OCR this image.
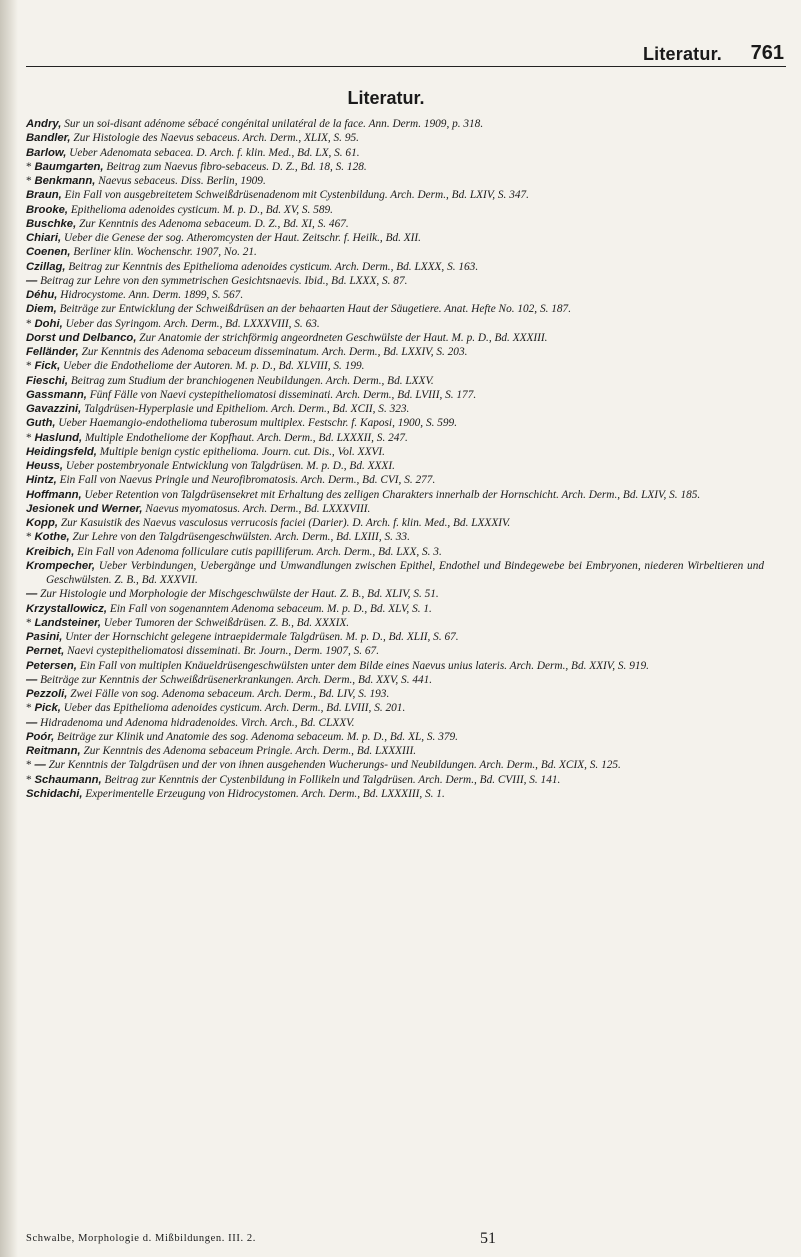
Literatur. 761
Literatur.
Andry, Sur un soi-disant adénome sébacé congénital unilatéral de la face. Ann. Derm. 1909, p. 318.
Bandler, Zur Histologie des Naevus sebaceus. Arch. Derm., XLIX, S. 95.
Barlow, Ueber Adenomata sebacea. D. Arch. f. klin. Med., Bd. LX, S. 61.
* Baumgarten, Beitrag zum Naevus fibro-sebaceus. D. Z., Bd. 18, S. 128.
* Benkmann, Naevus sebaceus. Diss. Berlin, 1909.
Braun, Ein Fall von ausgebreitetem Schweißdrüsenadenom mit Cystenbildung. Arch. Derm., Bd. LXIV, S. 347.
Brooke, Epithelioma adenoides cysticum. M. p. D., Bd. XV, S. 589.
Buschke, Zur Kenntnis des Adenoma sebaceum. D. Z., Bd. XI, S. 467.
Chiari, Ueber die Genese der sog. Atheromcysten der Haut. Zeitschr. f. Heilk., Bd. XII.
Coenen, Berliner klin. Wochenschr. 1907, No. 21.
Czillag, Beitrag zur Kenntnis des Epithelioma adenoides cysticum. Arch. Derm., Bd. LXXX, S. 163.
— Beitrag zur Lehre von den symmetrischen Gesichtsnaevis. Ibid., Bd. LXXX, S. 87.
Déhu, Hidrocystome. Ann. Derm. 1899, S. 567.
Diem, Beiträge zur Entwicklung der Schweißdrüsen an der behaarten Haut der Säugetiere. Anat. Hefte No. 102, S. 187.
* Dohi, Ueber das Syringom. Arch. Derm., Bd. LXXXVIII, S. 63.
Dorst und Delbanco, Zur Anatomie der strichförmig angeordneten Geschwülste der Haut. M. p. D., Bd. XXXIII.
Felländer, Zur Kenntnis des Adenoma sebaceum disseminatum. Arch. Derm., Bd. LXXIV, S. 203.
* Fick, Ueber die Endotheliome der Autoren. M. p. D., Bd. XLVIII, S. 199.
Fieschi, Beitrag zum Studium der branchiogenen Neubildungen. Arch. Derm., Bd. LXXV.
Gassmann, Fünf Fälle von Naevi cystepitheliomatosi disseminati. Arch. Derm., Bd. LVIII, S. 177.
Gavazzini, Talgdrüsen-Hyperplasie und Epitheliom. Arch. Derm., Bd. XCII, S. 323.
Guth, Ueber Haemangio-endothelioma tuberosum multiplex. Festschr. f. Kaposi, 1900, S. 599.
* Haslund, Multiple Endotheliome der Kopfhaut. Arch. Derm., Bd. LXXXII, S. 247.
Heidingsfeld, Multiple benign cystic epithelioma. Journ. cut. Dis., Vol. XXVI.
Heuss, Ueber postembryonale Entwicklung von Talgdrüsen. M. p. D., Bd. XXXI.
Hintz, Ein Fall von Naevus Pringle und Neurofibromatosis. Arch. Derm., Bd. CVI, S. 277.
Hoffmann, Ueber Retention von Talgdrüsensekret mit Erhaltung des zelligen Charakters innerhalb der Hornschicht. Arch. Derm., Bd. LXIV, S. 185.
Jesionek und Werner, Naevus myomatosus. Arch. Derm., Bd. LXXXVIII.
Kopp, Zur Kasuistik des Naevus vasculosus verrucosis faciei (Darier). D. Arch. f. klin. Med., Bd. LXXXIV.
* Kothe, Zur Lehre von den Talgdrüsengeschwülsten. Arch. Derm., Bd. LXIII, S. 33.
Kreibich, Ein Fall von Adenoma folliculare cutis papilliferum. Arch. Derm., Bd. LXX, S. 3.
Krompecher, Ueber Verbindungen, Uebergänge und Umwandlungen zwischen Epithel, Endothel und Bindegewebe bei Embryonen, niederen Wirbeltieren und Geschwülsten. Z. B., Bd. XXXVII.
— Zur Histologie und Morphologie der Mischgeschwülste der Haut. Z. B., Bd. XLIV, S. 51.
Krzystallowicz, Ein Fall von sogenanntem Adenoma sebaceum. M. p. D., Bd. XLV, S. 1.
* Landsteiner, Ueber Tumoren der Schweißdrüsen. Z. B., Bd. XXXIX.
Pasini, Unter der Hornschicht gelegene intraepidermale Talgdrüsen. M. p. D., Bd. XLII, S. 67.
Pernet, Naevi cystepitheliomatosi disseminati. Br. Journ., Derm. 1907, S. 67.
Petersen, Ein Fall von multiplen Knäueldrüsengeschwülsten unter dem Bilde eines Naevus unius lateris. Arch. Derm., Bd. XXIV, S. 919.
— Beiträge zur Kenntnis der Schweißdrüsenerkrankungen. Arch. Derm., Bd. XXV, S. 441.
Pezzoli, Zwei Fälle von sog. Adenoma sebaceum. Arch. Derm., Bd. LIV, S. 193.
* Pick, Ueber das Epithelioma adenoides cysticum. Arch. Derm., Bd. LVIII, S. 201.
— Hidradenoma und Adenoma hidradenoides. Virch. Arch., Bd. CLXXV.
Poór, Beiträge zur Klinik und Anatomie des sog. Adenoma sebaceum. M. p. D., Bd. XL, S. 379.
Reitmann, Zur Kenntnis des Adenoma sebaceum Pringle. Arch. Derm., Bd. LXXXIII.
* — Zur Kenntnis der Talgdrüsen und der von ihnen ausgehenden Wucherungs- und Neubildungen. Arch. Derm., Bd. XCIX, S. 125.
* Schaumann, Beitrag zur Kenntnis der Cystenbildung in Follikeln und Talgdrüsen. Arch. Derm., Bd. CVIII, S. 141.
Schidachi, Experimentelle Erzeugung von Hidrocystomen. Arch. Derm., Bd. LXXXIII, S. 1.
Schwalbe, Morphologie d. Mißbildungen. III. 2.	51
